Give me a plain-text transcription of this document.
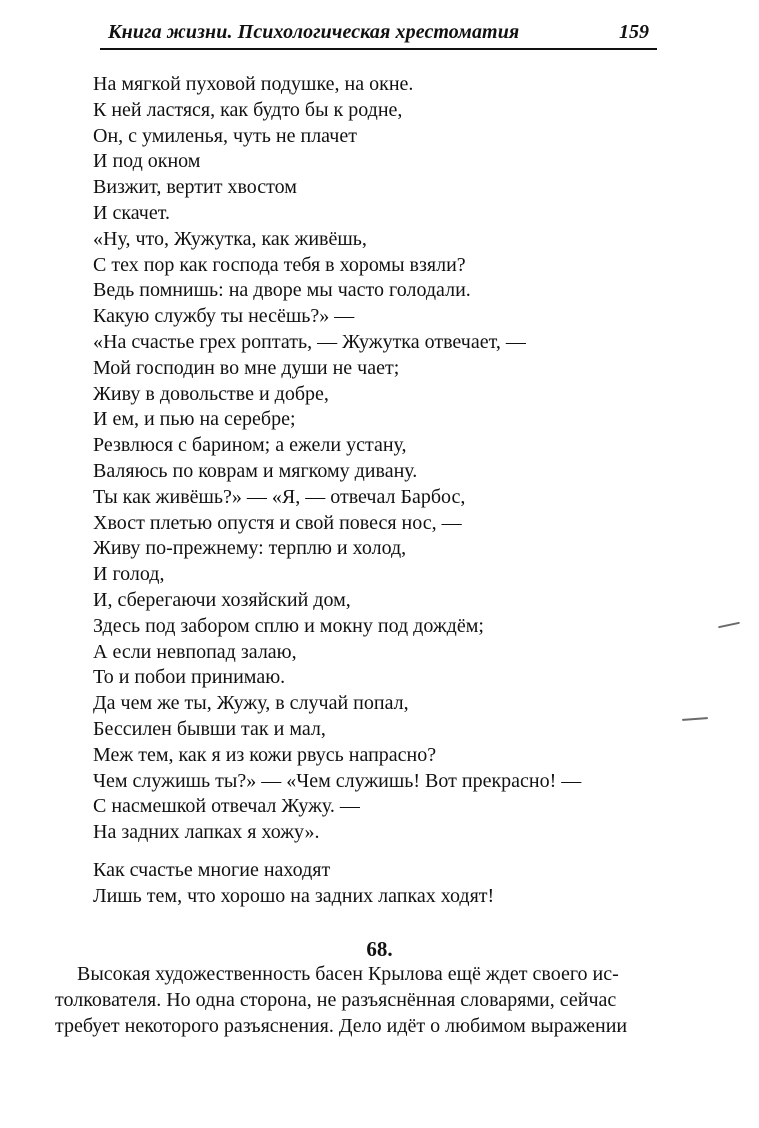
Книга жизни. Психологическая хрестоматия	159
На мягкой пуховой подушке, на окне.
К ней ластяся, как будто бы к родне,
Он, с умиленья, чуть не плачет
И под окном
Визжит, вертит хвостом
И скачет.
«Ну, что, Жужутка, как живёшь,
С тех пор как господа тебя в хоромы взяли?
Ведь помнишь: на дворе мы часто голодали.
Какую службу ты несёшь?» —
«На счастье грех роптать, — Жужутка отвечает, —
Мой господин во мне души не чает;
Живу в довольстве и добре,
И ем, и пью на серебре;
Резвлюся с барином; а ежели устану,
Валяюсь по коврам и мягкому дивану.
Ты как живёшь?» — «Я, — отвечал Барбос,
Хвост плетью опустя и свой повеся нос, —
Живу по-прежнему: терплю и холод,
И голод,
И, сберегаючи хозяйский дом,
Здесь под забором сплю и мокну под дождём;
А если невпопад залаю,
То и побои принимаю.
Да чем же ты, Жужу, в случай попал,
Бессилен бывши так и мал,
Меж тем, как я из кожи рвусь напрасно?
Чем служишь ты?» — «Чем служишь! Вот прекрасно! —
С насмешкой отвечал Жужу. —
На задних лапках я хожу».
Как счастье многие находят
Лишь тем, что хорошо на задних лапках ходят!
68.
Высокая художественность басен Крылова ещё ждет своего ис-
толкователя. Но одна сторона, не разъяснённая словарями, сейчас
требует некоторого разъяснения. Дело идёт о любимом выражении
